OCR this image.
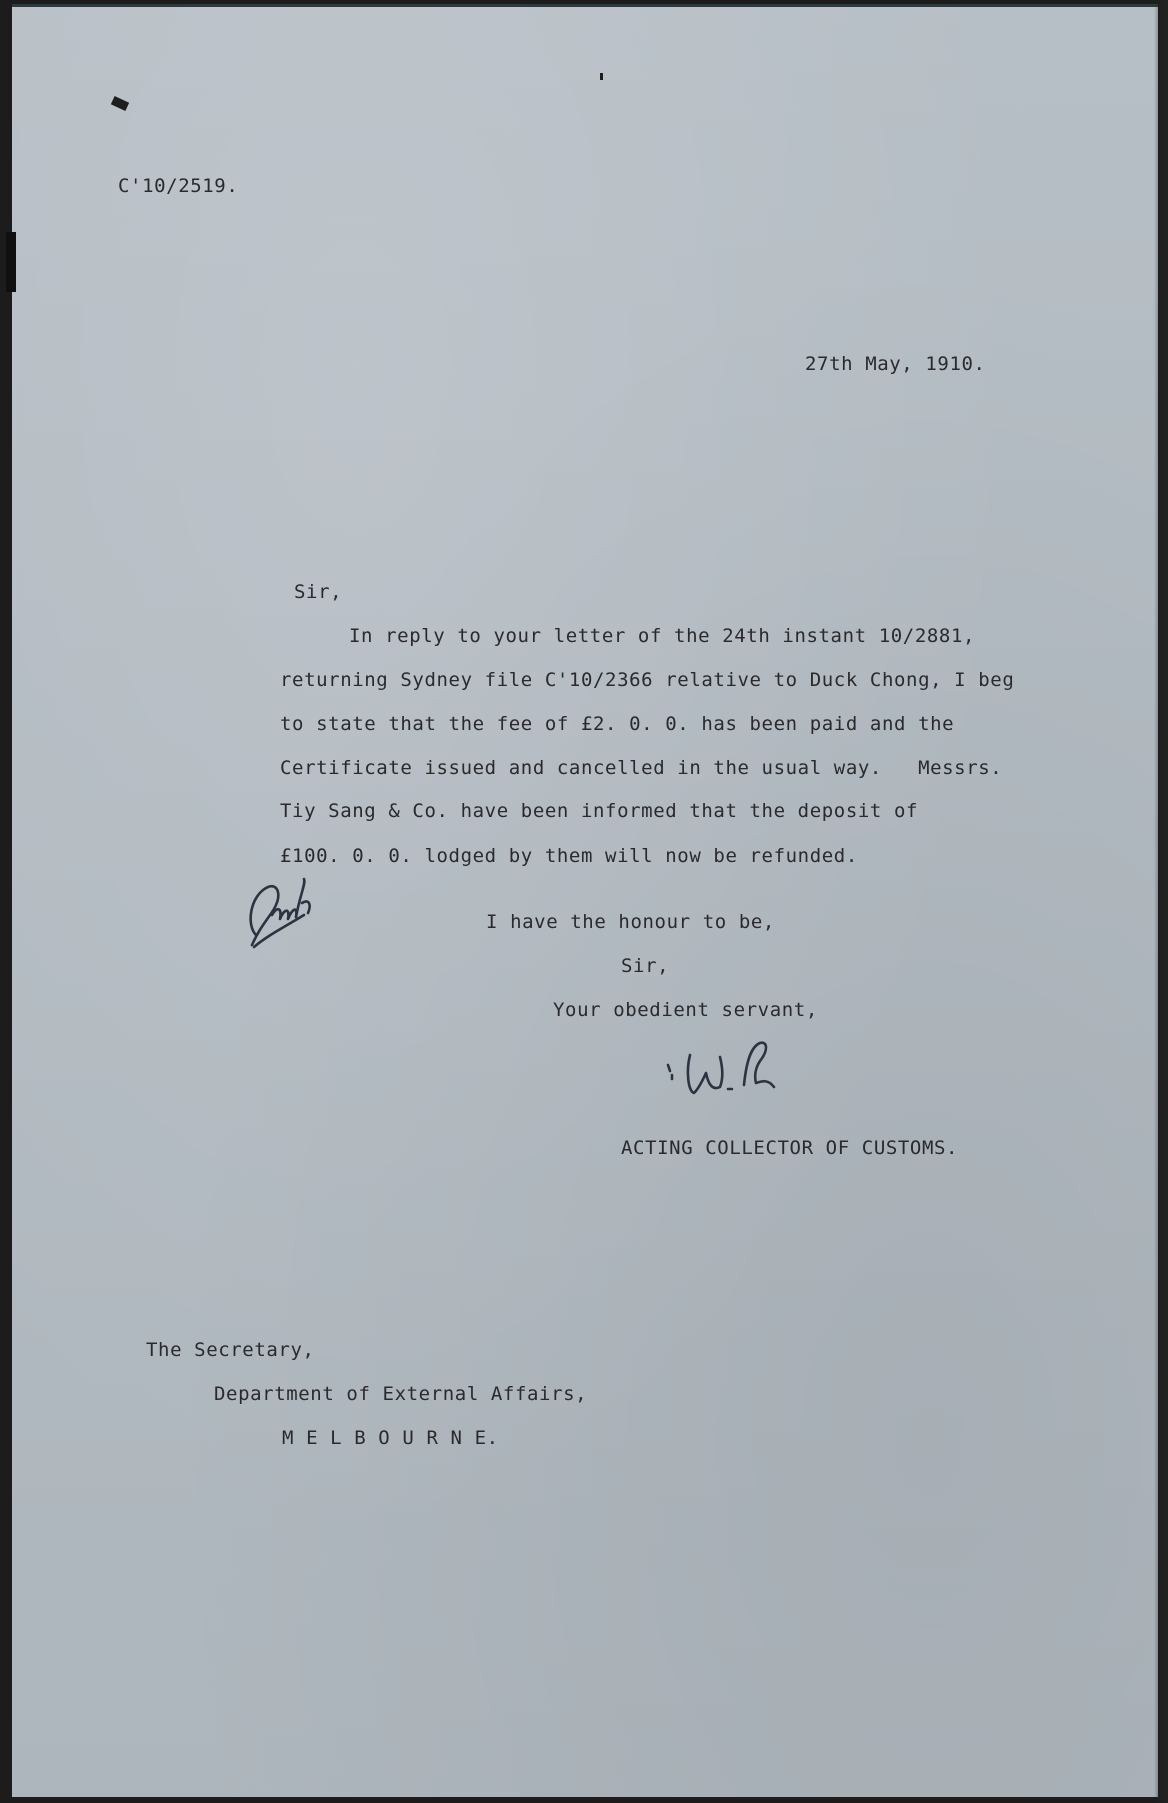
C'10/2519.
27th May, 1910.
Sir,
In reply to your letter of the 24th instant 10/2881,
returning Sydney file C'10/2366 relative to Duck Chong, I beg
to state that the fee of £2. 0. 0. has been paid and the
Certificate issued and cancelled in the usual way.   Messrs.
Tiy Sang & Co. have been informed that the deposit of
£100. 0. 0. lodged by them will now be refunded.
I have the honour to be,
Sir,
Your obedient servant,
ACTING COLLECTOR OF CUSTOMS.
The Secretary,
Department of External Affairs,
M E L B O U R N E.
